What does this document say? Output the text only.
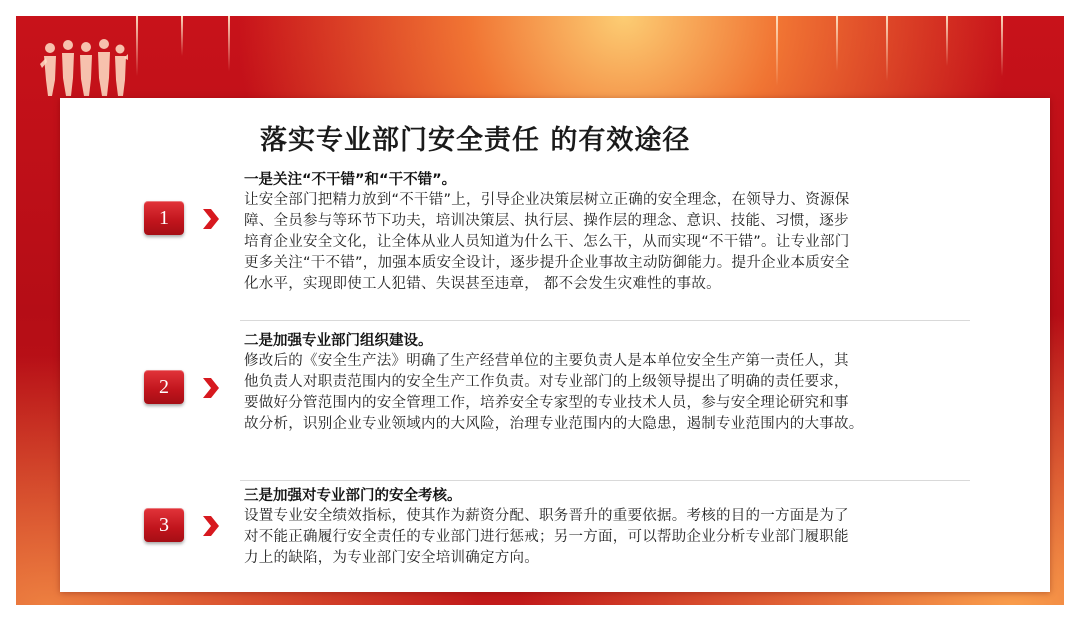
落实专业部门安全责任 的有效途径
1
一是关注“不干错”和“干不错”。
让安全部门把精力放到“不干错”上，引导企业决策层树立正确的安全理念，在领导力、资源保
障、全员参与等环节下功夫，培训决策层、执行层、操作层的理念、意识、技能、习惯，逐步
培育企业安全文化，让全体从业人员知道为什么干、怎么干，从而实现“不干错”。让专业部门
更多关注“干不错”，加强本质安全设计，逐步提升企业事故主动防御能力。提升企业本质安全
化水平，实现即使工人犯错、失误甚至违章， 都不会发生灾难性的事故。
2
二是加强专业部门组织建设。
修改后的《安全生产法》明确了生产经营单位的主要负责人是本单位安全生产第一责任人，其
他负责人对职责范围内的安全生产工作负责。对专业部门的上级领导提出了明确的责任要求，
要做好分管范围内的安全管理工作，培养安全专家型的专业技术人员，参与安全理论研究和事
故分析，识别企业专业领域内的大风险，治理专业范围内的大隐患，遏制专业范围内的大事故。
3
三是加强对专业部门的安全考核。
设置专业安全绩效指标，使其作为薪资分配、职务晋升的重要依据。考核的目的一方面是为了
对不能正确履行安全责任的专业部门进行惩戒；另一方面，可以帮助企业分析专业部门履职能
力上的缺陷，为专业部门安全培训确定方向。
